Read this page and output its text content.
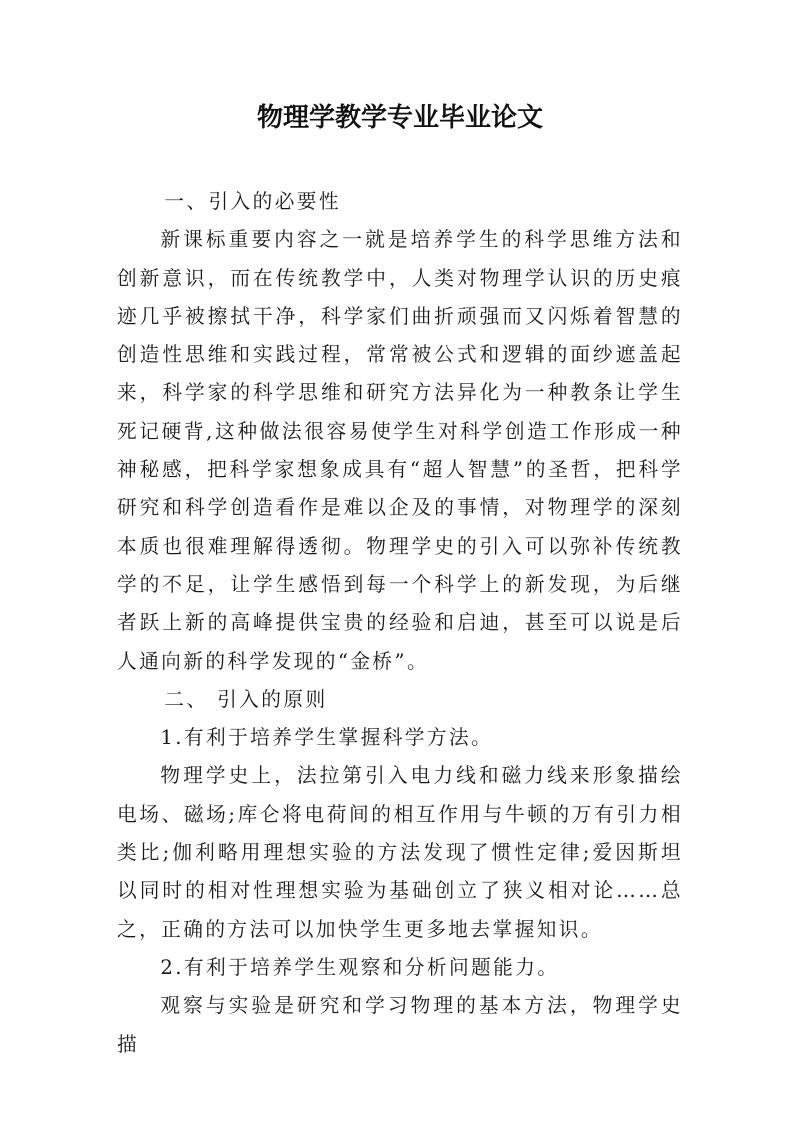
物理学教学专业毕业论文

一、引入的必要性

新课标重要内容之一就是培养学生的科学思维方法和创新意识，而在传统教学中，人类对物理学认识的历史痕迹几乎被擦拭干净，科学家们曲折顽强而又闪烁着智慧的创造性思维和实践过程，常常被公式和逻辑的面纱遮盖起来，科学家的科学思维和研究方法异化为一种教条让学生死记硬背,这种做法很容易使学生对科学创造工作形成一种神秘感，把科学家想象成具有“超人智慧”的圣哲，把科学研究和科学创造看作是难以企及的事情，对物理学的深刻本质也很难理解得透彻。物理学史的引入可以弥补传统教学的不足，让学生感悟到每一个科学上的新发现，为后继者跃上新的高峰提供宝贵的经验和启迪，甚至可以说是后人通向新的科学发现的“金桥”。

二、 引入的原则

1.有利于培养学生掌握科学方法。

物理学史上，法拉第引入电力线和磁力线来形象描绘电场、磁场;库仑将电荷间的相互作用与牛顿的万有引力相类比;伽利略用理想实验的方法发现了惯性定律;爱因斯坦以同时的相对性理想实验为基础创立了狭义相对论……总之，正确的方法可以加快学生更多地去掌握知识。

2.有利于培养学生观察和分析问题能力。

观察与实验是研究和学习物理的基本方法，物理学史描
